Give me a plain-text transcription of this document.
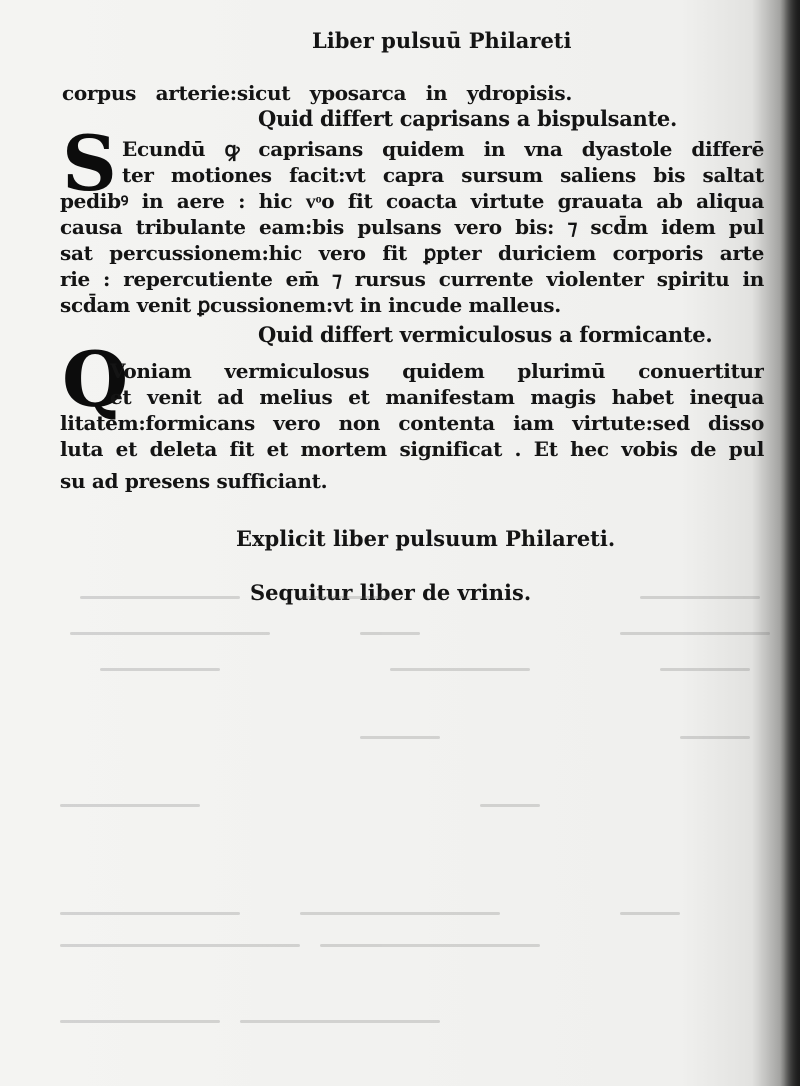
Liber pulsuū Philareti

corpus arterie:sicut yposarca in ydropisis.

Quid differt caprisans a bispulsante.

S Ecundū ꝙ caprisans quidem in vna dyastole differē

ter motiones facit:vt capra sursum saliens bis saltat

pedibꝰ in aere : hic vͦo fit coacta virtute grauata ab aliqua

causa tribulante eam:bis pulsans vero bis: ⁊ scd̄m idem pul

sat percussionem:hic vero fit ꝑpter duriciem corporis arte

rie : repercutiente em̄ ⁊ rursus currente violenter spiritu in

scd̄am venit ꝑcussionem:vt in incude malleus.

Quid differt vermiculosus a formicante.

Q

Voniam vermiculosus quidem plurimū conuertitur

et venit ad melius et manifestam magis habet inequa

litatem:formicans vero non contenta iam virtute:sed disso

luta et deleta fit et mortem significat . Et hec vobis de pul

su ad presens sufficiant.

Explicit liber pulsuum Philareti.
Sequitur liber de vrinis.
